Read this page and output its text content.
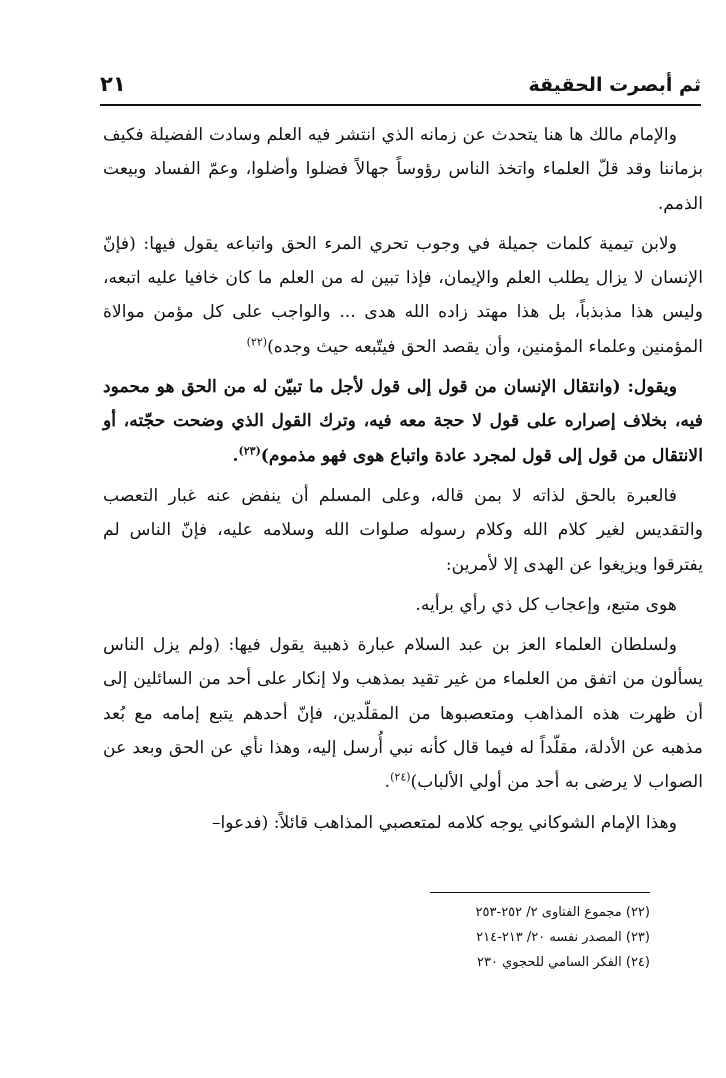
ثم أبصرت الحقيقة
٢١

والإمام مالك ها هنا يتحدث عن زمانه الذي انتشر فيه العلم وسادت الفضيلة فكيف بزماننا وقد قلّ العلماء واتخذ الناس رؤوساً جهالاً فضلوا وأضلوا، وعمّ الفساد وبيعت الذمم.

ولابن تيمية كلمات جميلة في وجوب تحري المرء الحق واتباعه يقول فيها: (فإنّ الإنسان لا يزال يطلب العلم والإيمان، فإذا تبين له من العلم ما كان خافيا عليه اتبعه، وليس هذا مذبذباً، بل هذا مهتد زاده الله هدى ... والواجب على كل مؤمن موالاة المؤمنين وعلماء المؤمنين، وأن يقصد الحق فيتّبعه حيث وجده)$^{(٢٢)}$

ويقول: (وانتقال الإنسان من قول إلى قول لأجل ما تبيّن له من الحق هو محمود فيه، بخلاف إصراره على قول لا حجة معه فيه، وترك القول الذي وضحت حجّته، أو الانتقال من قول إلى قول لمجرد عادة واتباع هوى فهو مذموم)$^{(٢٣)}$.

فالعبرة بالحق لذاته لا بمن قاله، وعلى المسلم أن ينفض عنه غبار التعصب والتقديس لغير كلام الله وكلام رسوله صلوات الله وسلامه عليه، فإنّ الناس لم يفترقوا ويزيغوا عن الهدى إلا لأمرين:

هوى متبع، وإعجاب كل ذي رأي برأيه.

ولسلطان العلماء العز بن عبد السلام عبارة ذهبية يقول فيها: (ولم يزل الناس يسألون من اتفق من العلماء من غير تقيد بمذهب ولا إنكار على أحد من السائلين إلى أن ظهرت هذه المذاهب ومتعصبوها من المقلّدين، فإنّ أحدهم يتبع إمامه مع بُعد مذهبه عن الأدلة، مقلّداً له فيما قال كأنه نبي أُرسل إليه، وهذا نأي عن الحق وبعد عن الصواب لا يرضى به أحد من أولي الألباب)$^{(٢٤)}$.

وهذا الإمام الشوكاني يوجه كلامه لمتعصبي المذاهب قائلاً: (فدعوا–

(٢٢) مجموع الفتاوى ٢/ ٢٥٢-٢٥٣
(٢٣) المصدر نفسه ٢٠/ ٢١٣-٢١٤
(٢٤) الفكر السامي للحجوي ٢٣٠
